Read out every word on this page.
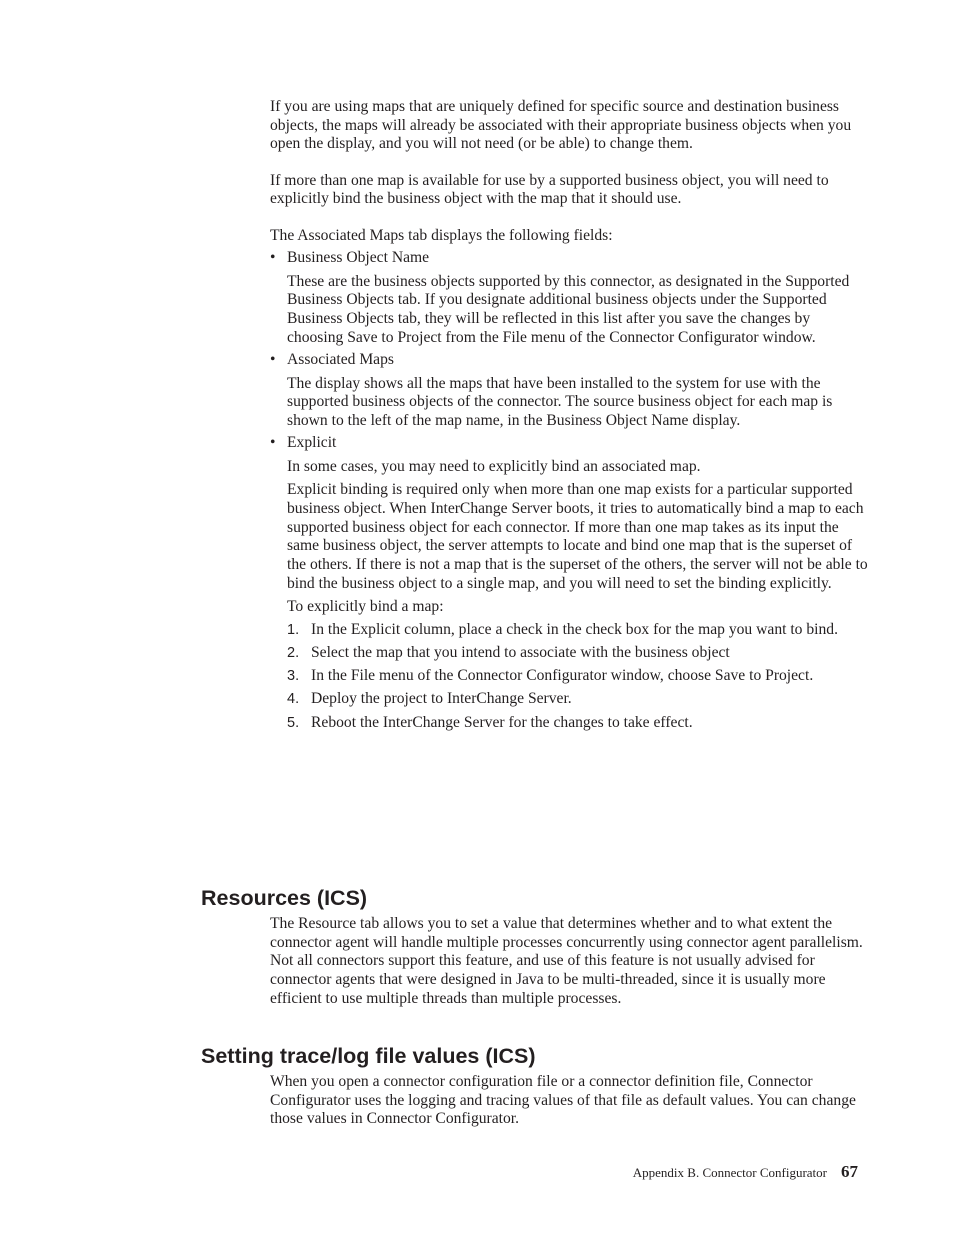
If you are using maps that are uniquely defined for specific source and destination business objects, the maps will already be associated with their appropriate business objects when you open the display, and you will not need (or be able) to change them.

If more than one map is available for use by a supported business object, you will need to explicitly bind the business object with the map that it should use.

The Associated Maps tab displays the following fields:

• Business Object Name

These are the business objects supported by this connector, as designated in the Supported Business Objects tab. If you designate additional business objects under the Supported Business Objects tab, they will be reflected in this list after you save the changes by choosing Save to Project from the File menu of the Connector Configurator window.

• Associated Maps

The display shows all the maps that have been installed to the system for use with the supported business objects of the connector. The source business object for each map is shown to the left of the map name, in the Business Object Name display.

• Explicit

In some cases, you may need to explicitly bind an associated map.

Explicit binding is required only when more than one map exists for a particular supported business object. When InterChange Server boots, it tries to automatically bind a map to each supported business object for each connector. If more than one map takes as its input the same business object, the server attempts to locate and bind one map that is the superset of the others. If there is not a map that is the superset of the others, the server will not be able to bind the business object to a single map, and you will need to set the binding explicitly.

To explicitly bind a map:

1. In the Explicit column, place a check in the check box for the map you want to bind.
2. Select the map that you intend to associate with the business object
3. In the File menu of the Connector Configurator window, choose Save to Project.
4. Deploy the project to InterChange Server.
5. Reboot the InterChange Server for the changes to take effect.
Resources (ICS)

The Resource tab allows you to set a value that determines whether and to what extent the connector agent will handle multiple processes concurrently using connector agent parallelism. Not all connectors support this feature, and use of this feature is not usually advised for connector agents that were designed in Java to be multi-threaded, since it is usually more efficient to use multiple threads than multiple processes.

Setting trace/log file values (ICS)

When you open a connector configuration file or a connector definition file, Connector Configurator uses the logging and tracing values of that file as default values. You can change those values in Connector Configurator.

Appendix B. Connector Configurator 67
